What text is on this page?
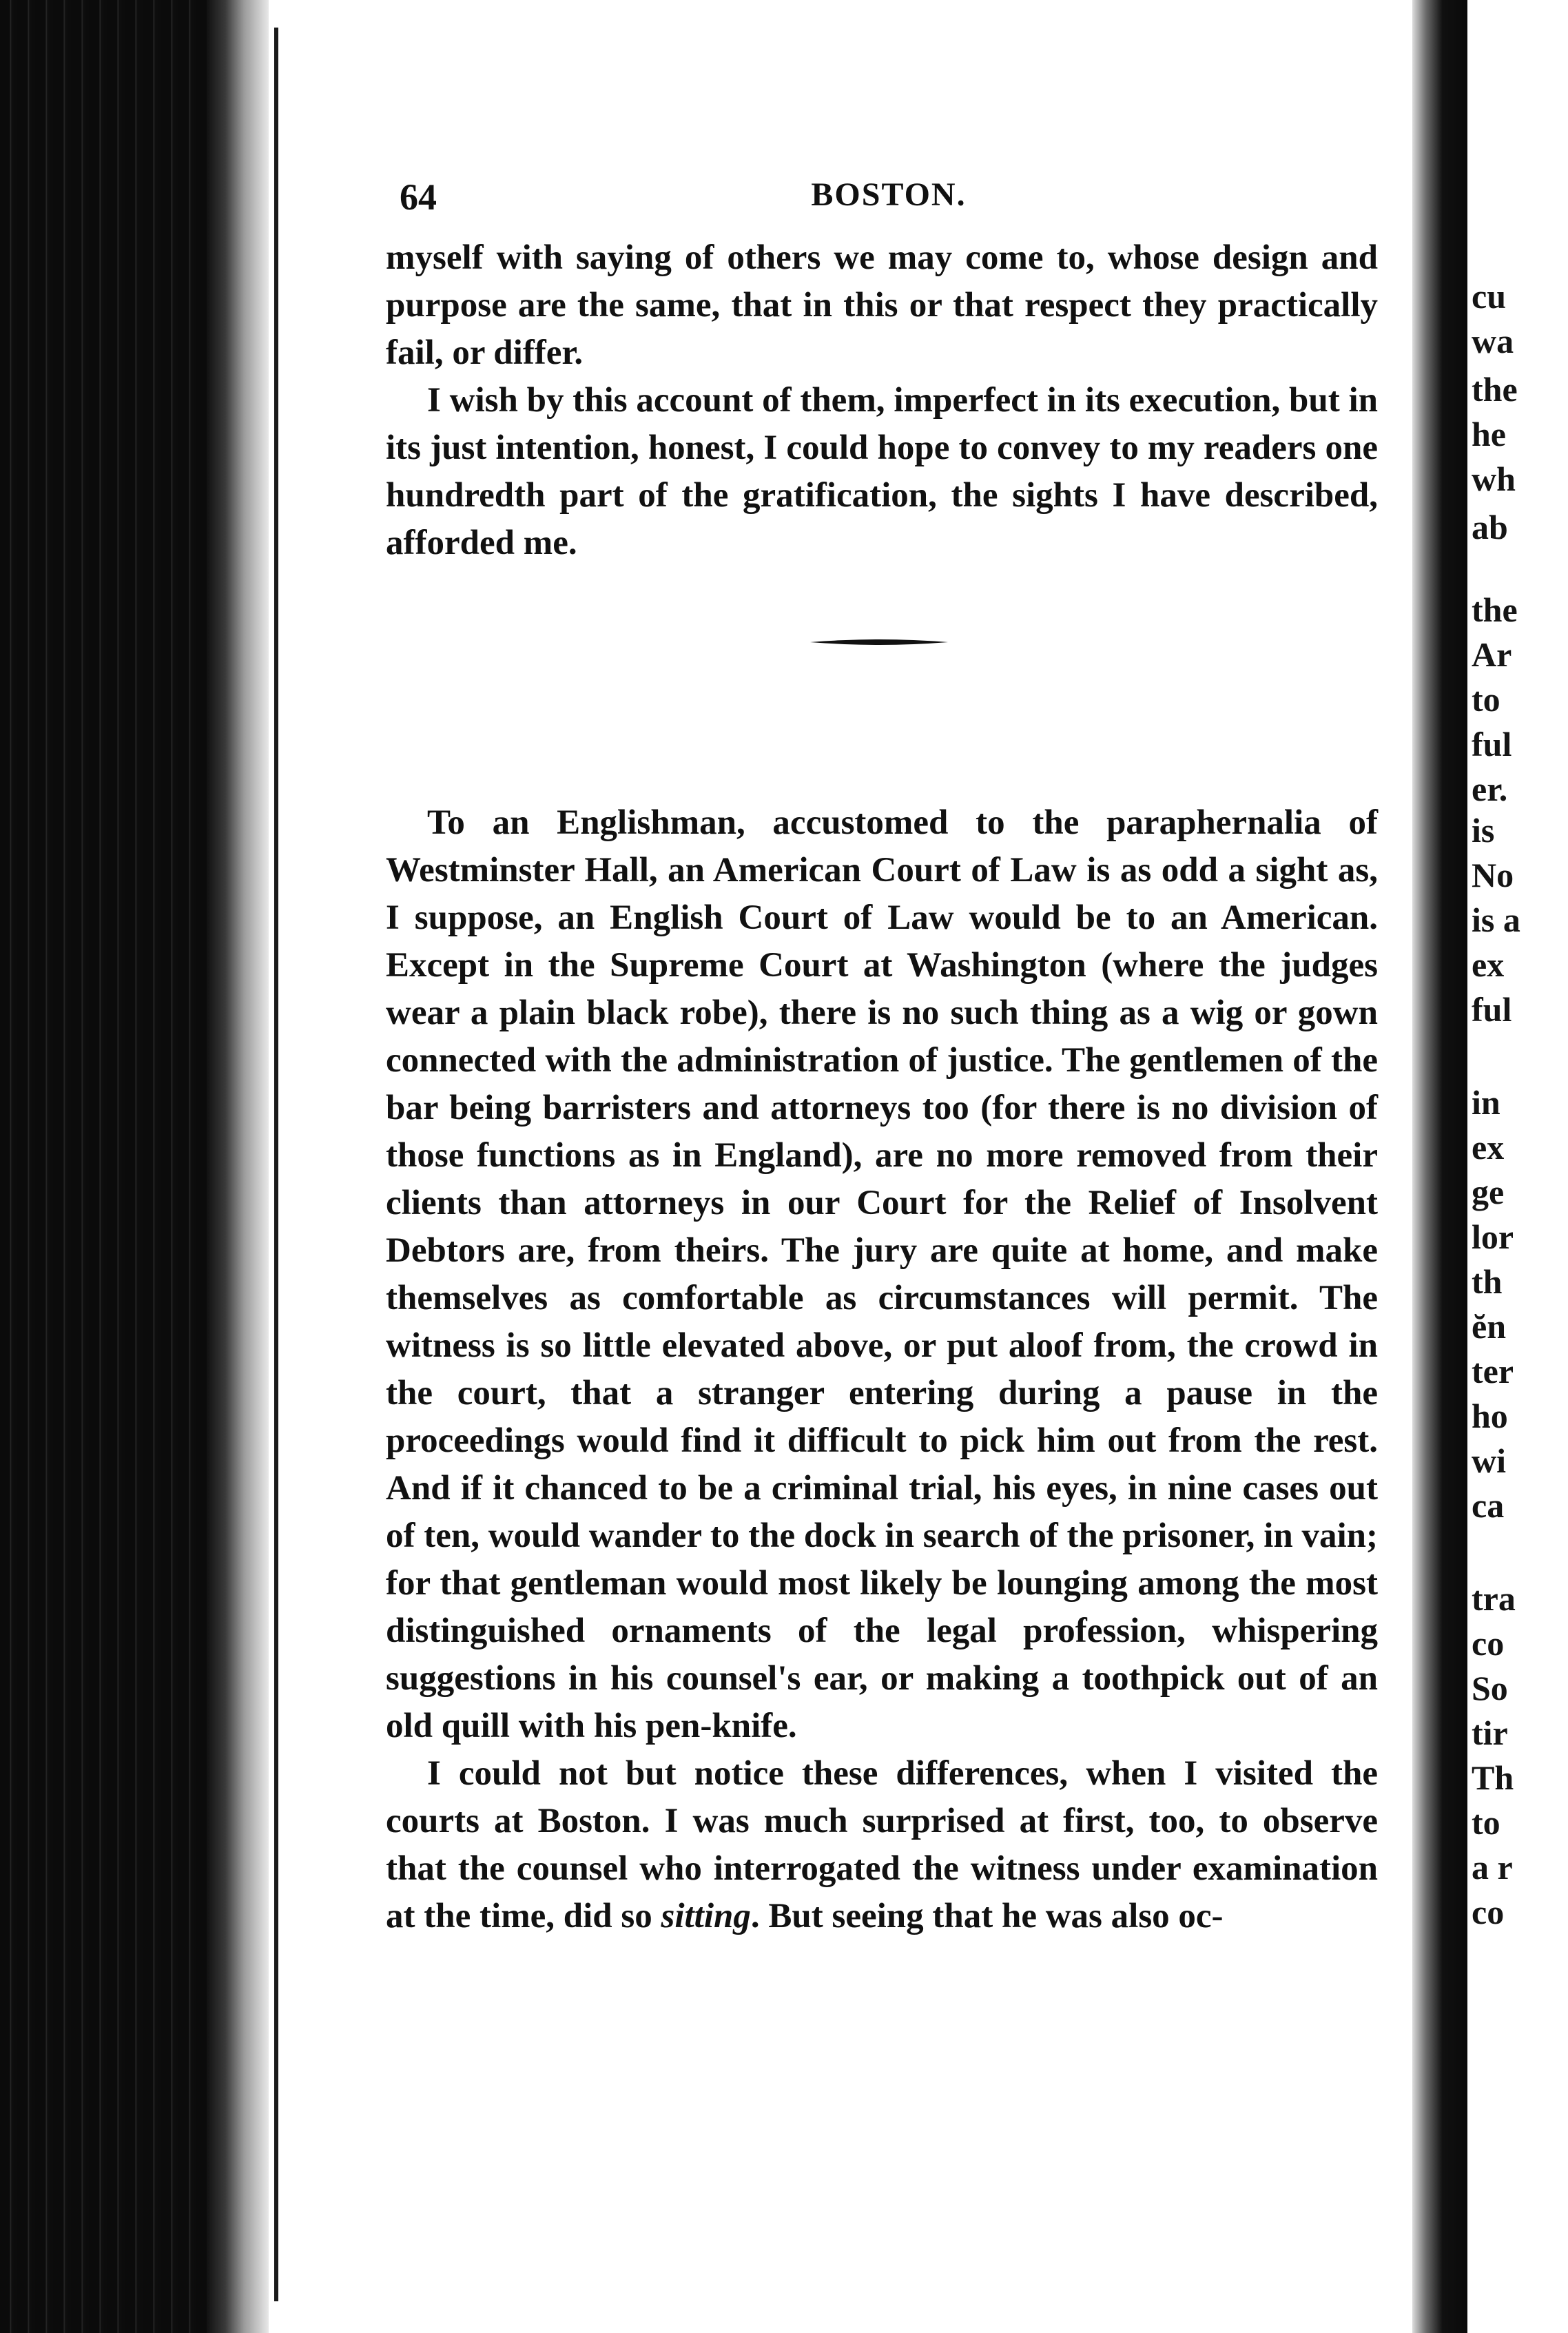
64	BOSTON.

myself with saying of others we may come to, whose design and purpose are the same, that in this or that respect they practically fail, or differ.

I wish by this account of them, imperfect in its execution, but in its just intention, honest, I could hope to convey to my readers one hundredth part of the gratification, the sights I have described, afforded me.

To an Englishman, accustomed to the paraphernalia of Westminster Hall, an American Court of Law is as odd a sight as, I suppose, an English Court of Law would be to an American. Except in the Supreme Court at Washington (where the judges wear a plain black robe), there is no such thing as a wig or gown connected with the administration of justice. The gentlemen of the bar being barristers and attorneys too (for there is no division of those functions as in England), are no more removed from their clients than attorneys in our Court for the Relief of Insolvent Debtors are, from theirs. The jury are quite at home, and make themselves as comfortable as circumstances will permit. The witness is so little elevated above, or put aloof from, the crowd in the court, that a stranger entering during a pause in the proceedings would find it difficult to pick him out from the rest. And if it chanced to be a criminal trial, his eyes, in nine cases out of ten, would wander to the dock in search of the prisoner, in vain; for that gentleman would most likely be lounging among the most distinguished ornaments of the legal profession, whispering suggestions in his counsel's ear, or making a toothpick out of an old quill with his pen-knife.

I could not but notice these differences, when I visited the courts at Boston. I was much surprised at first, too, to observe that the counsel who interrogated the witness under examination at the time, did so sitting. But seeing that he was also oc-

cu
wa
the
he
wh
ab
the
Ar
to
ful
er.
is
No
is a
ex
ful
in
ex
ge
lor
th
ĕn
ter
ho
wi
ca
tra
co
So
tir
Th
to
a r
co
